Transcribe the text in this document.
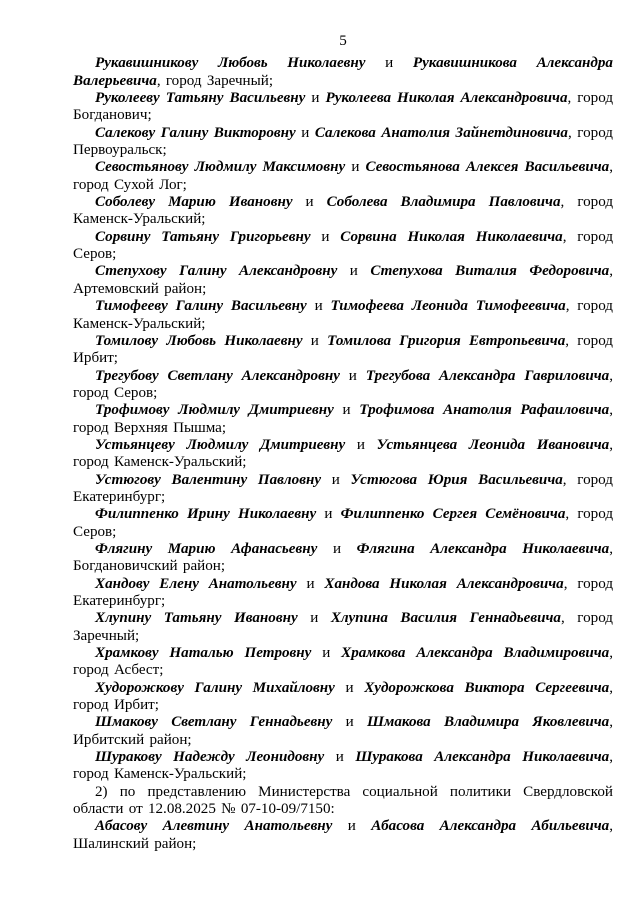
5

Рукавишникову Любовь Николаевну и Рукавишникова Александра Валерьевича, город Заречный;

Руколееву Татьяну Васильевну и Руколеева Николая Александровича, город Богданович;

Салекову Галину Викторовну и Салекова Анатолия Зайнетдиновича, город Первоуральск;

Севостьянову Людмилу Максимовну и Севостьянова Алексея Васильевича, город Сухой Лог;

Соболеву Марию Ивановну и Соболева Владимира Павловича, город Каменск-Уральский;

Сорвину Татьяну Григорьевну и Сорвина Николая Николаевича, город Серов;

Степухову Галину Александровну и Степухова Виталия Федоровича, Артемовский район;

Тимофееву Галину Васильевну и Тимофеева Леонида Тимофеевича, город Каменск-Уральский;

Томилову Любовь Николаевну и Томилова Григория Евтропьевича, город Ирбит;

Трегубову Светлану Александровну и Трегубова Александра Гавриловича, город Серов;

Трофимову Людмилу Дмитриевну и Трофимова Анатолия Рафаиловича, город Верхняя Пышма;

Устьянцеву Людмилу Дмитриевну и Устьянцева Леонида Ивановича, город Каменск-Уральский;

Устюгову Валентину Павловну и Устюгова Юрия Васильевича, город Екатеринбург;

Филиппенко Ирину Николаевну и Филиппенко Сергея Семёновича, город Серов;

Флягину Марию Афанасьевну и Флягина Александра Николаевича, Богдановичский район;

Хандову Елену Анатольевну и Хандова Николая Александровича, город Екатеринбург;

Хлупину Татьяну Ивановну и Хлупина Василия Геннадьевича, город Заречный;

Храмкову Наталью Петровну и Храмкова Александра Владимировича, город Асбест;

Худорожкову Галину Михайловну и Худорожкова Виктора Сергеевича, город Ирбит;

Шмакову Светлану Геннадьевну и Шмакова Владимира Яковлевича, Ирбитский район;

Шуракову Надежду Леонидовну и Шуракова Александра Николаевича, город Каменск-Уральский;

2) по представлению Министерства социальной политики Свердловской области от 12.08.2025 № 07-10-09/7150:

Абасову Алевтину Анатольевну и Абасова Александра Абильевича, Шалинский район;
